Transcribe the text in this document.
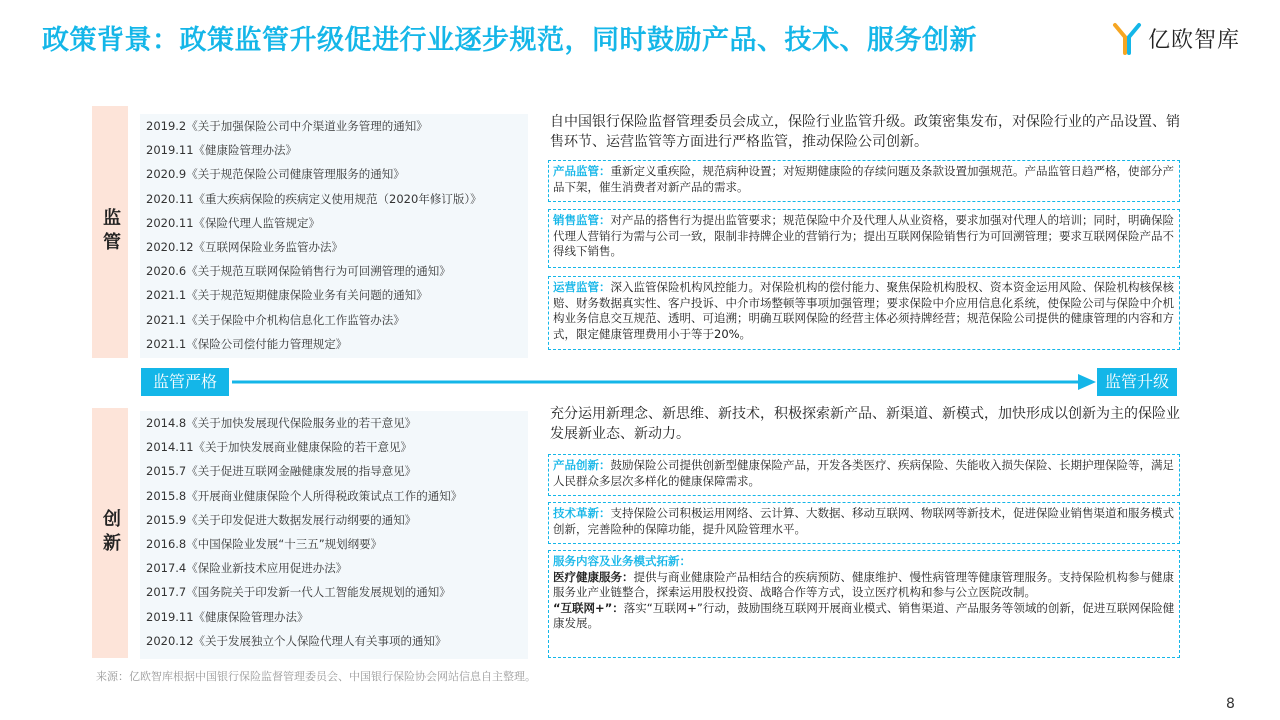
政策背景：政策监管升级促进行业逐步规范，同时鼓励产品、技术、服务创新	亿欧智库
监管
2019.2《关于加强保险公司中介渠道业务管理的通知》
2019.11《健康险管理办法》
2020.9《关于规范保险公司健康管理服务的通知》
2020.11《重大疾病保险的疾病定义使用规范（2020年修订版）》
2020.11《保险代理人监管规定》
2020.12《互联网保险业务监管办法》
2020.6《关于规范互联网保险销售行为可回溯管理的通知》
2021.1《关于规范短期健康保险业务有关问题的通知》
2021.1《关于保险中介机构信息化工作监管办法》
2021.1《保险公司偿付能力管理规定》
自中国银行保险监督管理委员会成立，保险行业监管升级。政策密集发布，对保险行业的产品设置、销售环节、运营监管等方面进行严格监管，推动保险公司创新。
产品监管：重新定义重疾险，规范病种设置；对短期健康险的存续问题及条款设置加强规范。产品监管日趋严格，使部分产品下架，催生消费者对新产品的需求。
销售监管：对产品的搭售行为提出监管要求；规范保险中介及代理人从业资格，要求加强对代理人的培训；同时，明确保险代理人营销行为需与公司一致，限制非持牌企业的营销行为；提出互联网保险销售行为可回溯管理；要求互联网保险产品不得线下销售。
运营监管：深入监管保险机构风控能力。对保险机构的偿付能力、聚焦保险机构股权、资本资金运用风险、保险机构核保核赔、财务数据真实性、客户投诉、中介市场整顿等事项加强管理；要求保险中介应用信息化系统，使保险公司与保险中介机构业务信息交互规范、透明、可追溯；明确互联网保险的经营主体必须持牌经营；规范保险公司提供的健康管理的内容和方式，限定健康管理费用小于等于20%。
监管严格	监管升级
创新
2014.8《关于加快发展现代保险服务业的若干意见》
2014.11《关于加快发展商业健康保险的若干意见》
2015.7《关于促进互联网金融健康发展的指导意见》
2015.8《开展商业健康保险个人所得税政策试点工作的通知》
2015.9《关于印发促进大数据发展行动纲要的通知》
2016.8《中国保险业发展“十三五”规划纲要》
2017.4《保险业新技术应用促进办法》
2017.7《国务院关于印发新一代人工智能发展规划的通知》
2019.11《健康保险管理办法》
2020.12《关于发展独立个人保险代理人有关事项的通知》
充分运用新理念、新思维、新技术，积极探索新产品、新渠道、新模式，加快形成以创新为主的保险业发展新业态、新动力。
产品创新：鼓励保险公司提供创新型健康保险产品，开发各类医疗、疾病保险、失能收入损失保险、长期护理保险等，满足人民群众多层次多样化的健康保障需求。
技术革新：支持保险公司积极运用网络、云计算、大数据、移动互联网、物联网等新技术，促进保险业销售渠道和服务模式创新，完善险种的保障功能，提升风险管理水平。
服务内容及业务模式拓新：
医疗健康服务：提供与商业健康险产品相结合的疾病预防、健康维护、慢性病管理等健康管理服务。支持保险机构参与健康服务业产业链整合，探索运用股权投资、战略合作等方式，设立医疗机构和参与公立医院改制。
“互联网+”：落实“互联网+”行动，鼓励围绕互联网开展商业模式、销售渠道、产品服务等领域的创新，促进互联网保险健康发展。
来源：亿欧智库根据中国银行保险监督管理委员会、中国银行保险协会网站信息自主整理。
8
